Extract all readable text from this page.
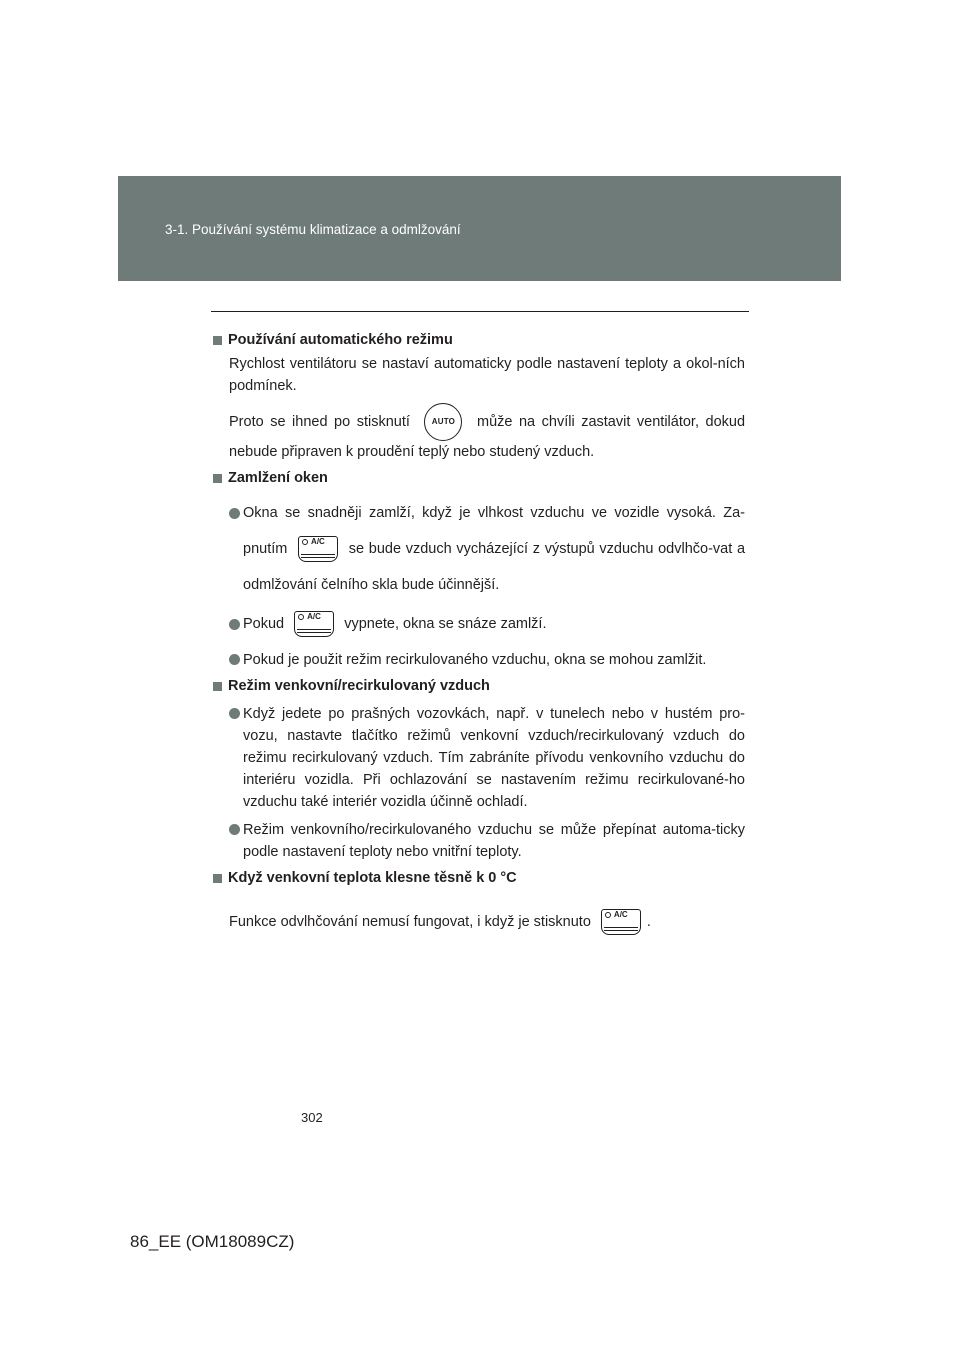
3-1. Používání systému klimatizace a odmlžování
Používání automatického režimu
Rychlost ventilátoru se nastaví automaticky podle nastavení teploty a okol-ních podmínek.
Proto se ihned po stisknutí	AUTO může na chvíli zastavit ventilátor, dokud nebude připraven k proudění teplý nebo studený vzduch.
Zamlžení oken
Okna se snadněji zamlží, když je vlhkost vzduchu ve vozidle vysoká. Za-pnutím	A/C se bude vzduch vycházející z výstupů vzduchu odvlhčo-vat a odmlžování čelního skla bude účinnější.
Pokud	A/C vypnete, okna se snáze zamlží.
Pokud je použit režim recirkulovaného vzduchu, okna se mohou zamlžit.
Režim venkovní/recirkulovaný vzduch
Když jedete po prašných vozovkách, např. v tunelech nebo v hustém pro-vozu, nastavte tlačítko režimů venkovní vzduch/recirkulovaný vzduch do režimu recirkulovaný vzduch. Tím zabráníte přívodu venkovního vzduchu do interiéru vozidla. Při ochlazování se nastavením režimu recirkulované-ho vzduchu také interiér vozidla účinně ochladí.
Režim venkovního/recirkulovaného vzduchu se může přepínat automa-ticky podle nastavení teploty nebo vnitřní teploty.
Když venkovní teplota klesne těsně k 0 °C
Funkce odvlhčování nemusí fungovat, i když je stisknuto	A/C .
302
86_EE (OM18089CZ)
